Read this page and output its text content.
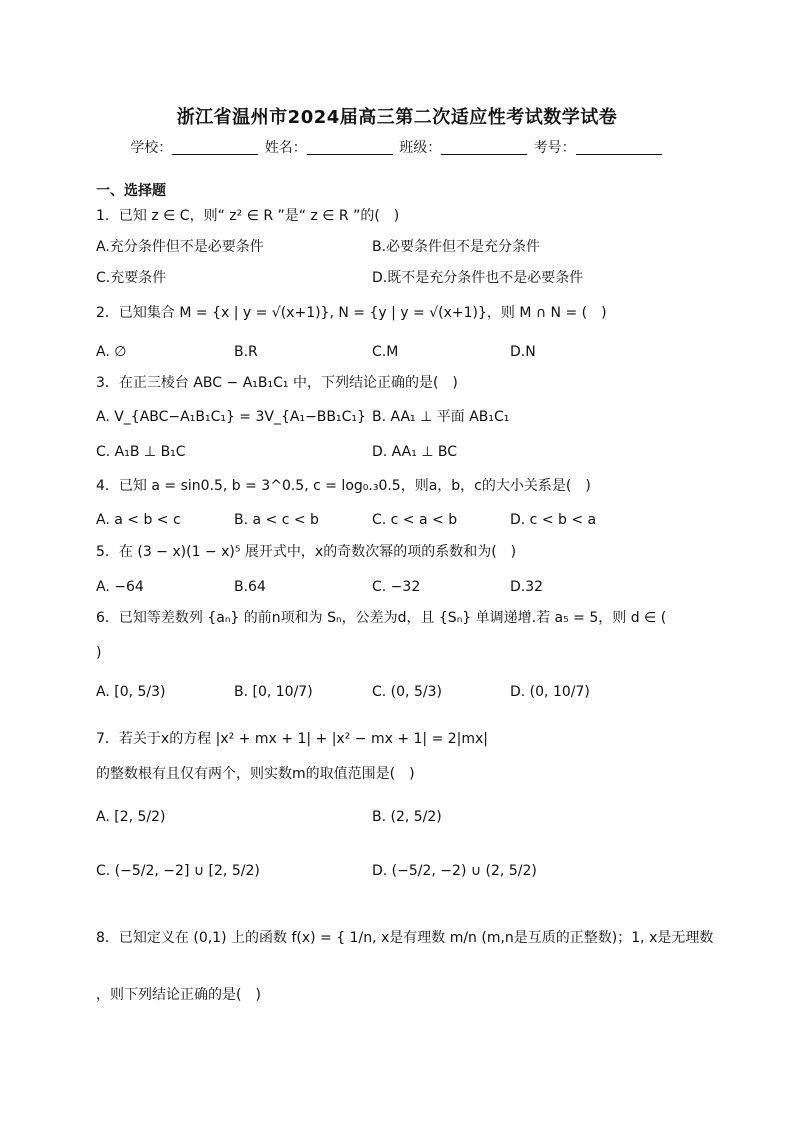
浙江省温州市2024届高三第二次适应性考试数学试卷
学校：	姓名：	班级：	考号：
一、选择题
1．已知 z ∈ C，则“ z² ∈ R ”是“ z ∈ R ”的(　)
A.充分条件但不是必要条件	B.必要条件但不是充分条件
C.充要条件	D.既不是充分条件也不是必要条件
2．已知集合 M = {x | y = √(x+1)}, N = {y | y = √(x+1)}，则 M ∩ N = (　)
A. ∅	B.R	C.M	D.N
3．在正三棱台 ABC − A₁B₁C₁ 中，下列结论正确的是(　)
A. V_{ABC−A₁B₁C₁} = 3V_{A₁−BB₁C₁} B. AA₁ ⊥ 平面 AB₁C₁
C. A₁B ⊥ B₁C	D. AA₁ ⊥ BC
4．已知 a = sin0.5, b = 3^0.5, c = log₀.₃0.5，则a，b，c的大小关系是(　)
A. a < b < c	B. a < c < b	C. c < a < b	D. c < b < a
5．在 (3 − x)(1 − x)⁵ 展开式中，x的奇数次幂的项的系数和为(　)
A. −64	B.64	C. −32	D.32
6．已知等差数列 {aₙ} 的前n项和为 Sₙ，公差为d，且 {Sₙ} 单调递增.若 a₅ = 5，则 d ∈ (
)
A. [0, 5/3)	B. [0, 10/7)	C. (0, 5/3)	D. (0, 10/7)
7．若关于x的方程 |x² + mx + 1| + |x² − mx + 1| = 2|mx|
的整数根有且仅有两个，则实数m的取值范围是(　)
A. [2, 5/2)	B. (2, 5/2)
C. (−5/2, −2] ∪ [2, 5/2)	D. (−5/2, −2) ∪ (2, 5/2)
8．已知定义在 (0,1) 上的函数 f(x) = { 1/n, x是有理数 m/n (m,n是互质的正整数)；1, x是无理数
，则下列结论正确的是(　)
